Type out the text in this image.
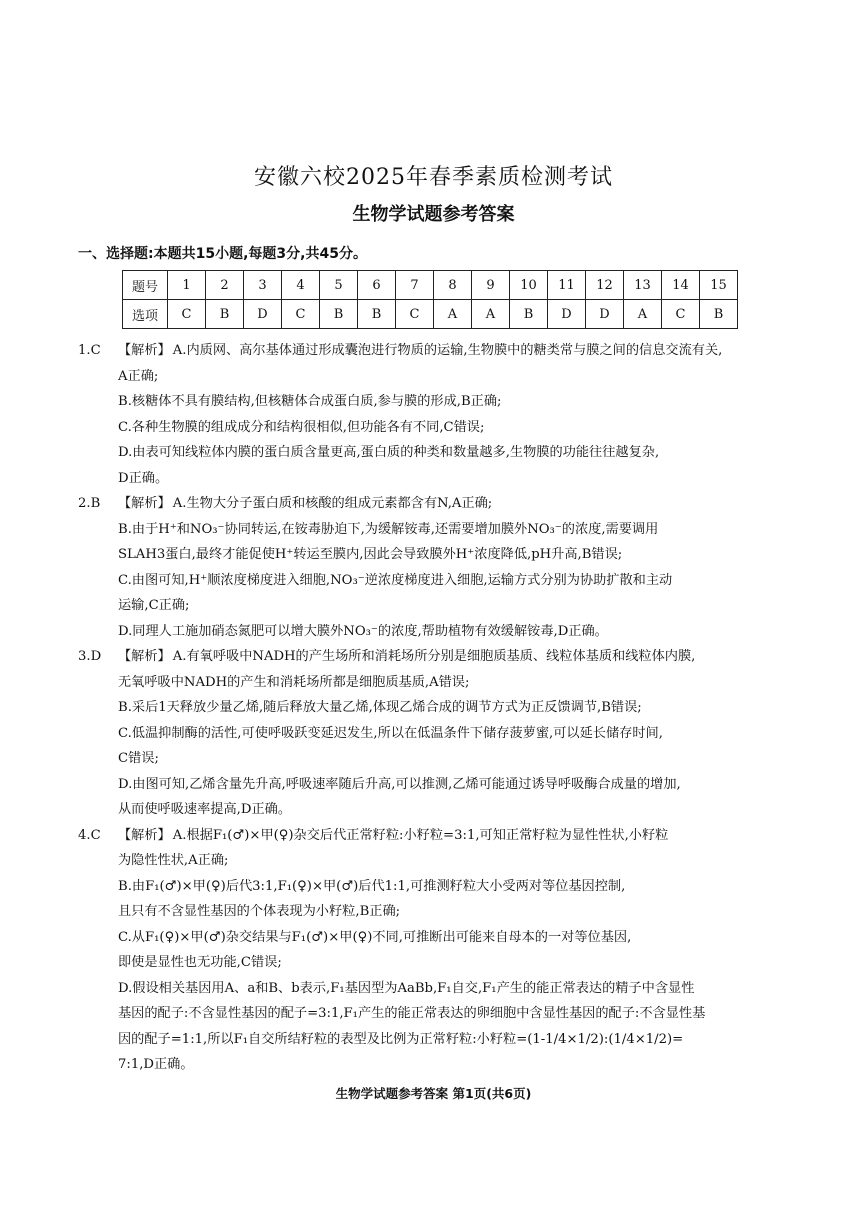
安徽六校2025年春季素质检测考试
生物学试题参考答案
一、选择题:本题共15小题,每题3分,共45分。
题号	1	2	3	4	5	6	7	8	9	10	11	12	13	14	15
选项	C	B	D	C	B	B	C	A	A	B	D	D	A	C	B

1.C 【解析】 A.内质网、高尔基体通过形成囊泡进行物质的运输,生物膜中的糖类常与膜之间的信息交流有关,

A正确;

B.核糖体不具有膜结构,但核糖体合成蛋白质,参与膜的形成,B正确;

C.各种生物膜的组成成分和结构很相似,但功能各有不同,C错误;

D.由表可知线粒体内膜的蛋白质含量更高,蛋白质的种类和数量越多,生物膜的功能往往越复杂,

D正确。

2.B 【解析】 A.生物大分子蛋白质和核酸的组成元素都含有N,A正确;

B.由于H⁺和NO₃⁻协同转运,在铵毒胁迫下,为缓解铵毒,还需要增加膜外NO₃⁻的浓度,需要调用

SLAH3蛋白,最终才能促使H⁺转运至膜内,因此会导致膜外H⁺浓度降低,pH升高,B错误;

C.由图可知,H⁺顺浓度梯度进入细胞,NO₃⁻逆浓度梯度进入细胞,运输方式分别为协助扩散和主动

运输,C正确;

D.同理人工施加硝态氮肥可以增大膜外NO₃⁻的浓度,帮助植物有效缓解铵毒,D正确。

3.D 【解析】 A.有氧呼吸中NADH的产生场所和消耗场所分别是细胞质基质、线粒体基质和线粒体内膜,

无氧呼吸中NADH的产生和消耗场所都是细胞质基质,A错误;

B.采后1天释放少量乙烯,随后释放大量乙烯,体现乙烯合成的调节方式为正反馈调节,B错误;

C.低温抑制酶的活性,可使呼吸跃变延迟发生,所以在低温条件下储存菠萝蜜,可以延长储存时间,

C错误;

D.由图可知,乙烯含量先升高,呼吸速率随后升高,可以推测,乙烯可能通过诱导呼吸酶合成量的增加,

从而使呼吸速率提高,D正确。

4.C 【解析】 A.根据F₁(♂)×甲(♀)杂交后代正常籽粒:小籽粒=3:1,可知正常籽粒为显性性状,小籽粒

为隐性性状,A正确;

B.由F₁(♂)×甲(♀)后代3:1,F₁(♀)×甲(♂)后代1:1,可推测籽粒大小受两对等位基因控制,

且只有不含显性基因的个体表现为小籽粒,B正确;

C.从F₁(♀)×甲(♂)杂交结果与F₁(♂)×甲(♀)不同,可推断出可能来自母本的一对等位基因,

即使是显性也无功能,C错误;

D.假设相关基因用A、a和B、b表示,F₁基因型为AaBb,F₁自交,F₁产生的能正常表达的精子中含显性

基因的配子:不含显性基因的配子=3:1,F₁产生的能正常表达的卵细胞中含显性基因的配子:不含显性基

因的配子=1:1,所以F₁自交所结籽粒的表型及比例为正常籽粒:小籽粒=(1-1/4×1/2):(1/4×1/2)=

7:1,D正确。

生物学试题参考答案 第1页(共6页)
